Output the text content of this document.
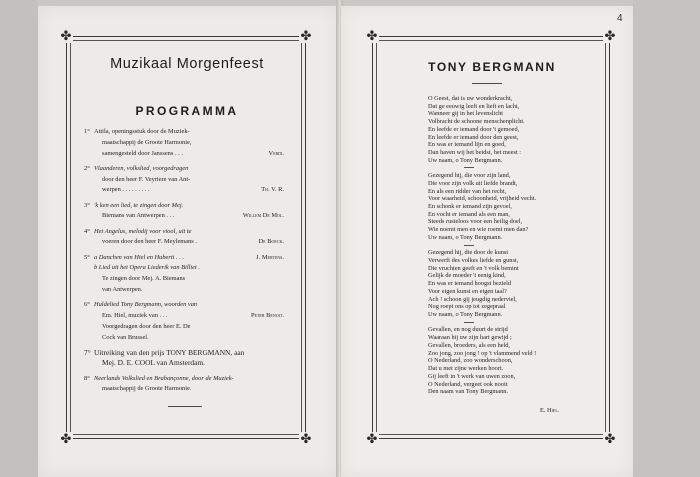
4
✤	✤
✤	✤
Muzikaal Morgenfeest
PROGRAMMA
1° Attila, openingsstuk door de Muziek-
maatschappij de Groote Harmonie,
samengesteld door Janssens . . .	Verdi.
2° Vlaanderen, volkslied, voorgedragen
door den heer F. Veyriere van Ant-
werpen . . . . . . . . .	Th. V. R.
3° 'k ken een lied, te zingen door Mej.
Biemans van Antwerpen . . .	Willem De Mol.
4° Het Angelus, melodij voor viool, uit te
voeren door den heer F. Meylemans .	De Boeck.
5° a Danchen van Hiel en Huberti . . .	J. Mertens.
b Lied uit het Opera Liederik van Billiet .
Te zingen door Mej. A. Biemans
van Antwerpen.
6° Huldelied Tony Bergmann, woorden van
Em. Hiel, muziek van . . .	Peter Benoit.
Voorgedragen door den heer E. De
Cock van Brussel.
7° Uitreiking van den prijs TONY BERGMANN, aan
Mej. D. E. COOL van Amsterdam.
8° Neerlands Volkslied en Brabançonne, door de Muziek-
maatschappij de Groote Harmonie.
✤	✤
✤	✤
TONY BERGMANN
O Geest, dat is uw wonderkracht,
Dat ge eeuwig leeft en lieft en lacht,
Wanneer gij in het levenslicht
Volbracht de schoone menschenplicht.
En leefde er iemand door 't gemoed,
En leefde er iemand door den geest,
En was er iemand lijn en goed,
Dan haven wij het beidst, het meest :
Uw naam, o Tony Bergmann.
Gezegend hij, die voor zijn land,
Die voor zijn volk uit liefde brandt,
En als een ridder van het recht,
Voor waarheid, schoonheid, vrijheid vecht.
En schonk er iemand zijn gevoel,
En vocht er iemand als een man,
Steeds rusteloos voor een heilig doel,
Wie noemt men en wie roemt men dan?
Uw naam, o Tony Bergmann.
Gezegend hij, die door de kunst
Verwerft des volkes liefde en gunst,
Die vruchten geeft en 't volk bemint
Gelijk de moeder 't eenig kind,
En was er iemand hoogst bezield
Voor eigen kunst en eigen taal?
Ach ! schoon gij jeugdig nederviel,
Nog roept ons op tot zegepraal
Uw naam, o Tony Bergmann.
Gevallen, en nog duurt de strijd
Waaraan hij uw zijn hart gewijd ;
Gevallen, broeders, als een held,
Zoo jong, zoo jong ! op 't vlammend veld !
O Nederland, zoo wonderschoon,
Dat u met zijne werken hoort.
Gij leeft in 't werk van uwen zoon,
O Nederland, vergeet ook nooit
Den naam van Tony Bergmann.
E. Hiel.
